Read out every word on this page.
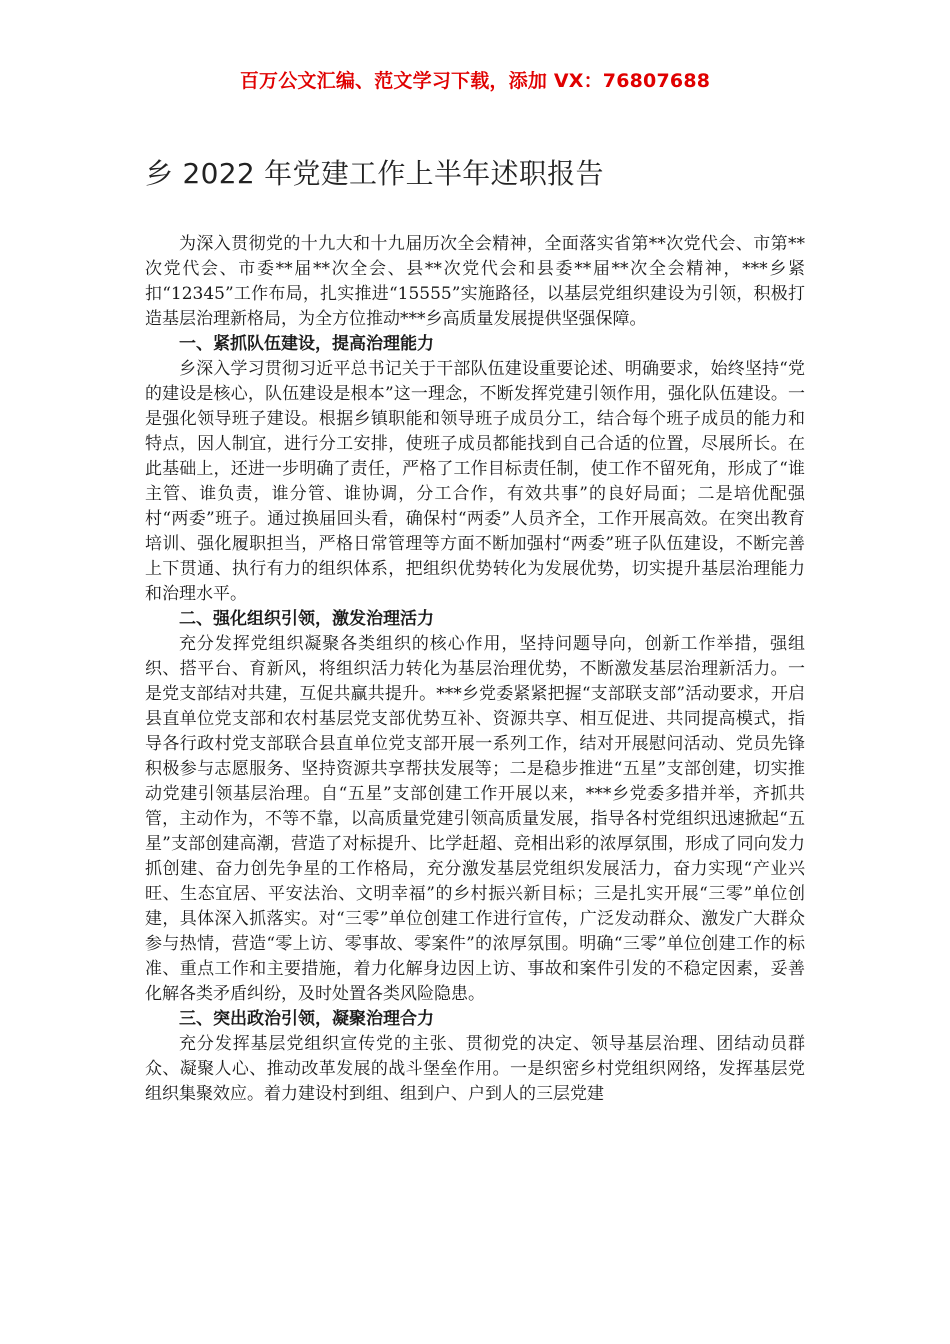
百万公文汇编、范文学习下载，添加 VX：76807688
乡 2022 年党建工作上半年述职报告

为深入贯彻党的十九大和十九届历次全会精神，全面落实省第**次党代会、市第**次党代会、市委**届**次全会、县**次党代会和县委**届**次全会精神，***乡紧扣“12345”工作布局，扎实推进“15555”实施路径，以基层党组织建设为引领，积极打造基层治理新格局，为全方位推动***乡高质量发展提供坚强保障。

一、紧抓队伍建设，提高治理能力

乡深入学习贯彻习近平总书记关于干部队伍建设重要论述、明确要求，始终坚持“党的建设是核心，队伍建设是根本”这一理念，不断发挥党建引领作用，强化队伍建设。一是强化领导班子建设。根据乡镇职能和领导班子成员分工，结合每个班子成员的能力和特点，因人制宜，进行分工安排，使班子成员都能找到自己合适的位置，尽展所长。在此基础上，还进一步明确了责任，严格了工作目标责任制，使工作不留死角，形成了“谁主管、谁负责，谁分管、谁协调，分工合作，有效共事”的良好局面；二是培优配强村“两委”班子。通过换届回头看，确保村“两委”人员齐全，工作开展高效。在突出教育培训、强化履职担当，严格日常管理等方面不断加强村“两委”班子队伍建设，不断完善上下贯通、执行有力的组织体系，把组织优势转化为发展优势，切实提升基层治理能力和治理水平。

二、强化组织引领，激发治理活力

充分发挥党组织凝聚各类组织的核心作用，坚持问题导向，创新工作举措，强组织、搭平台、育新风，将组织活力转化为基层治理优势，不断激发基层治理新活力。一是党支部结对共建，互促共赢共提升。***乡党委紧紧把握“支部联支部”活动要求，开启县直单位党支部和农村基层党支部优势互补、资源共享、相互促进、共同提高模式，指导各行政村党支部联合县直单位党支部开展一系列工作，结对开展慰问活动、党员先锋积极参与志愿服务、坚持资源共享帮扶发展等；二是稳步推进“五星”支部创建，切实推动党建引领基层治理。自“五星”支部创建工作开展以来，***乡党委多措并举，齐抓共管，主动作为，不等不靠，以高质量党建引领高质量发展，指导各村党组织迅速掀起“五星”支部创建高潮，营造了对标提升、比学赶超、竞相出彩的浓厚氛围，形成了同向发力抓创建、奋力创先争星的工作格局，充分激发基层党组织发展活力，奋力实现“产业兴旺、生态宜居、平安法治、文明幸福”的乡村振兴新目标；三是扎实开展“三零”单位创建，具体深入抓落实。对“三零”单位创建工作进行宣传，广泛发动群众、激发广大群众参与热情，营造“零上访、零事故、零案件”的浓厚氛围。明确“三零”单位创建工作的标准、重点工作和主要措施，着力化解身边因上访、事故和案件引发的不稳定因素，妥善化解各类矛盾纠纷，及时处置各类风险隐患。

三、突出政治引领，凝聚治理合力

充分发挥基层党组织宣传党的主张、贯彻党的决定、领导基层治理、团结动员群众、凝聚人心、推动改革发展的战斗堡垒作用。一是织密乡村党组织网络，发挥基层党组织集聚效应。着力建设村到组、组到户、户到人的三层党建
